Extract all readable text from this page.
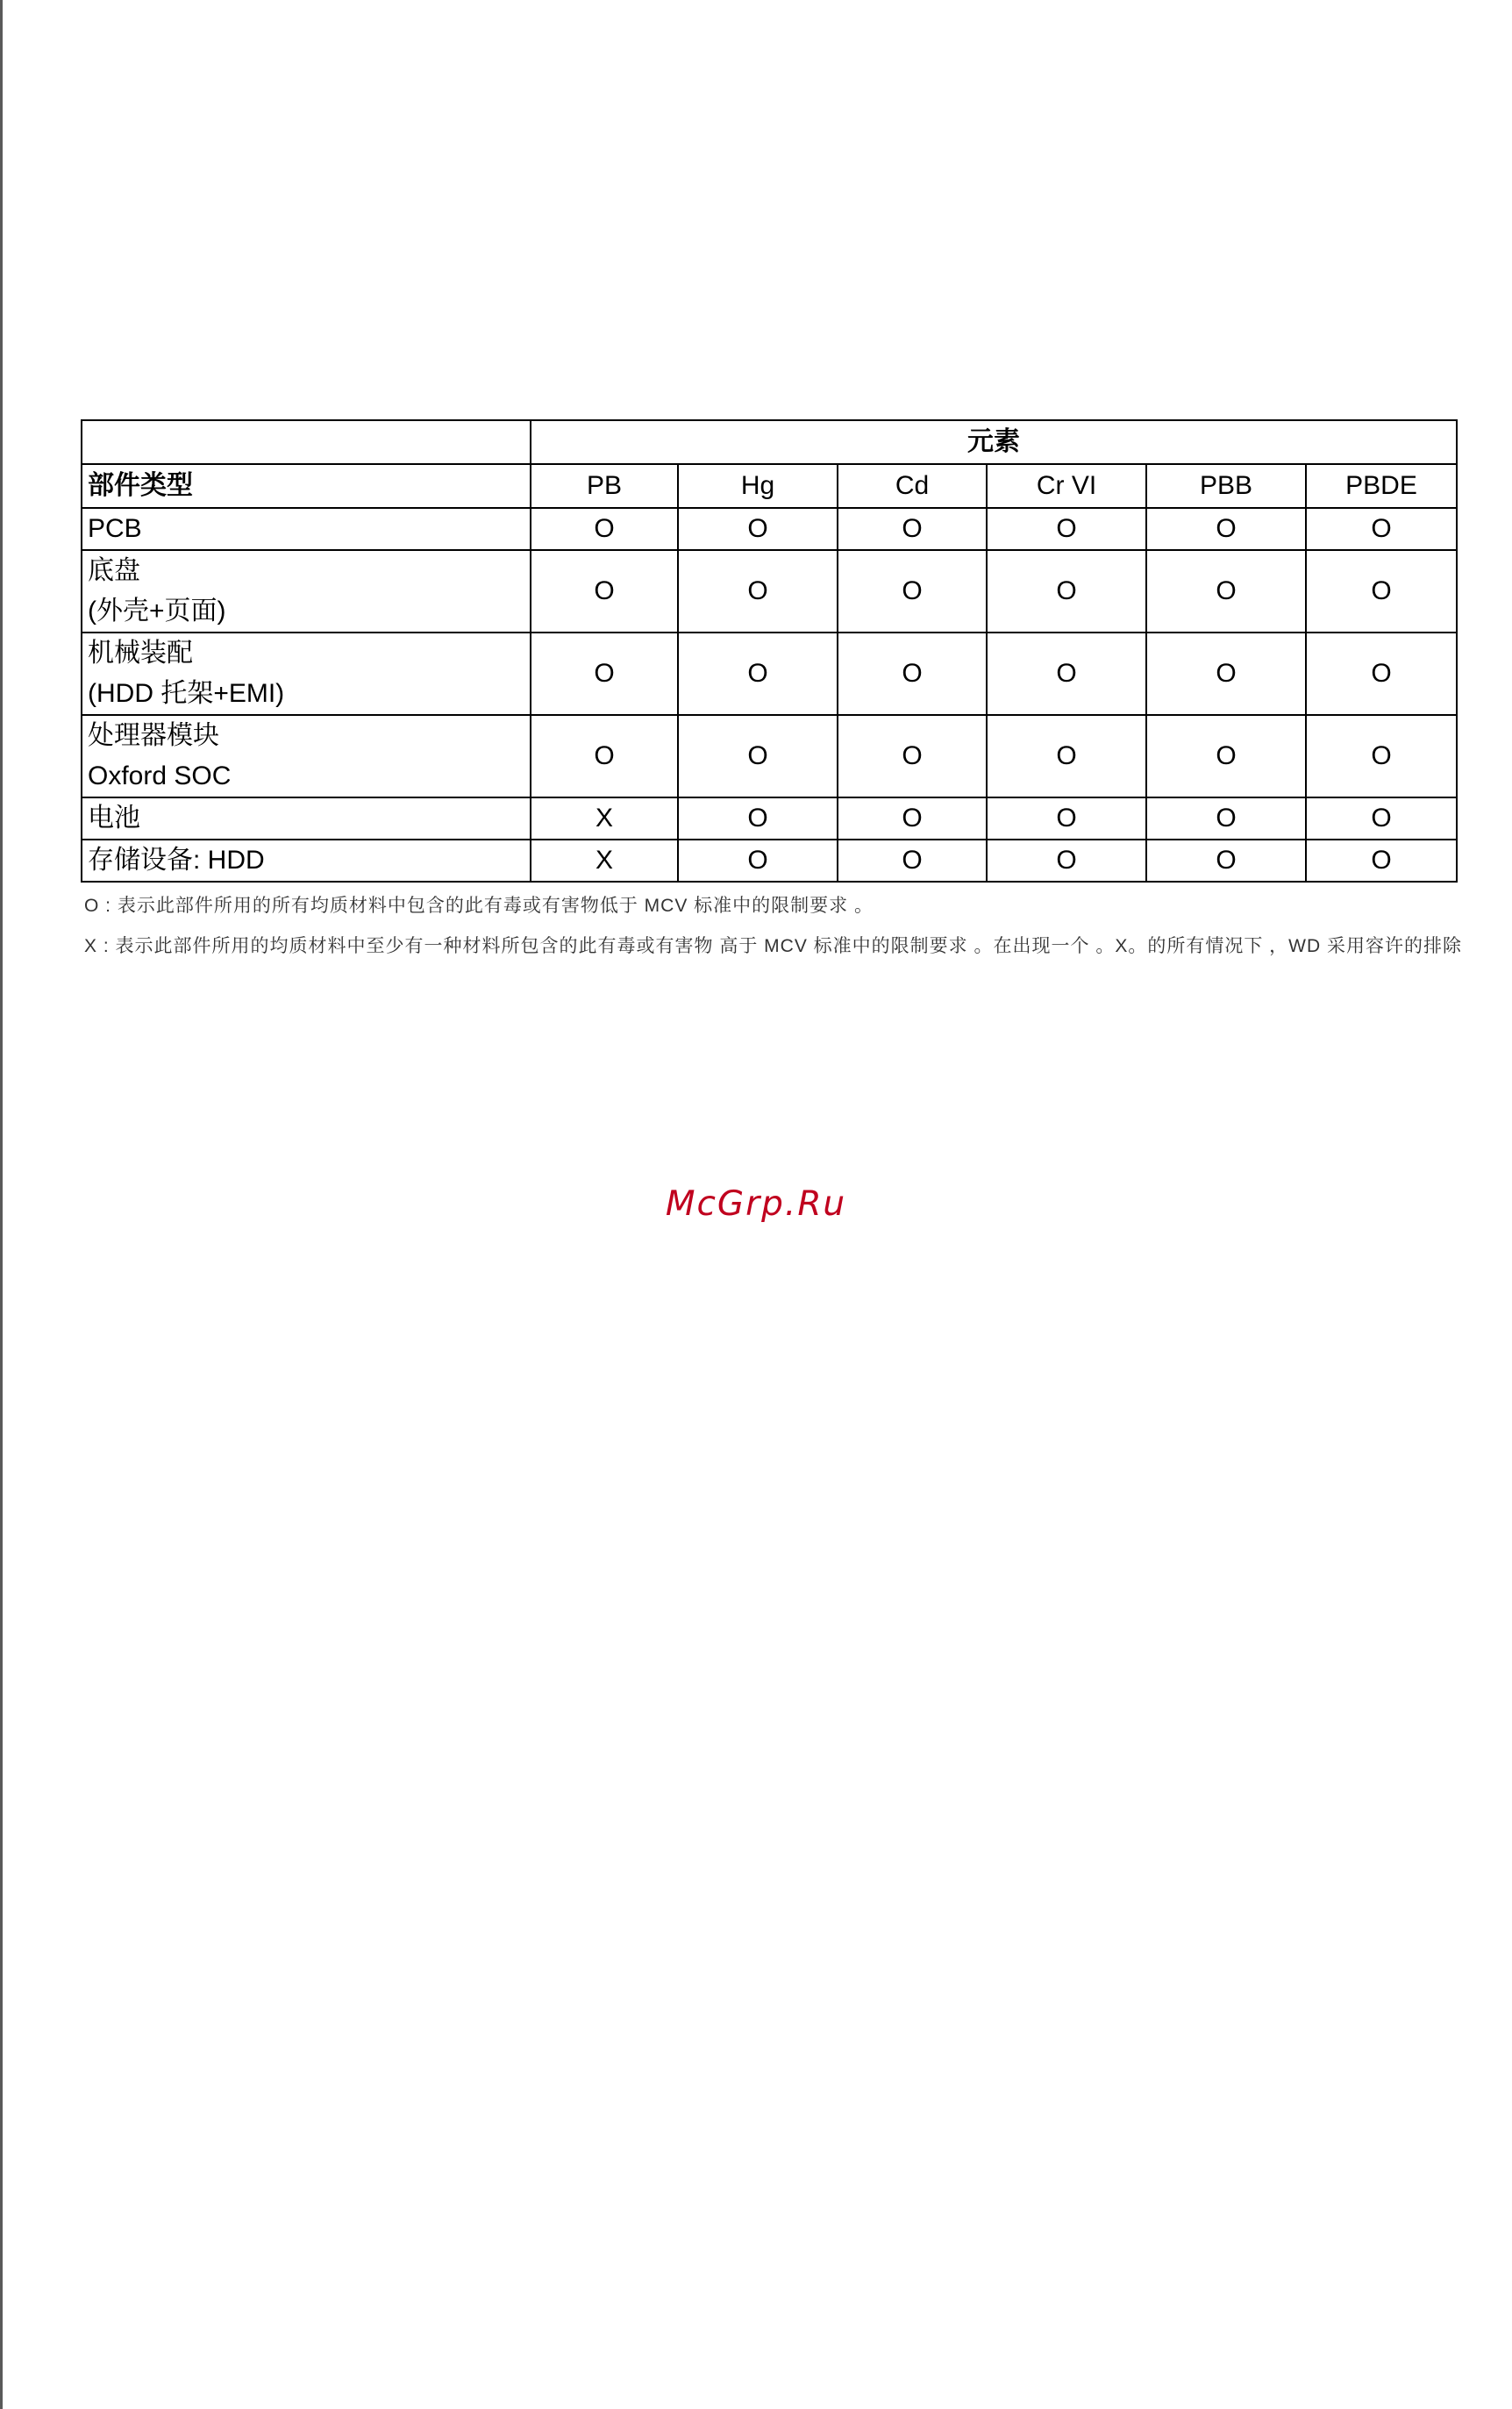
	元素					
部件类型	PB	Hg	Cd	Cr VI	PBB	PBDE

PCB	O	O	O	O	O	O

底盘
(外壳+页面)	O	O	O	O	O	O

机械装配
(HDD 托架+EMI)	O	O	O	O	O	O

处理器模块
Oxford SOC	O	O	O	O	O	O

电池	X	O	O	O	O	O

存储设备: HDD	X	O	O	O	O	O

O : 表示此部件所用的所有均质材料中包含的此有毒或有害物低于 MCV 标准中的限制要求 。

X : 表示此部件所用的均质材料中至少有一种材料所包含的此有毒或有害物 高于 MCV 标准中的限制要求 。在出现一个 。X。的所有情况下 ，WD 采用容许的排除

McGrp.Ru
